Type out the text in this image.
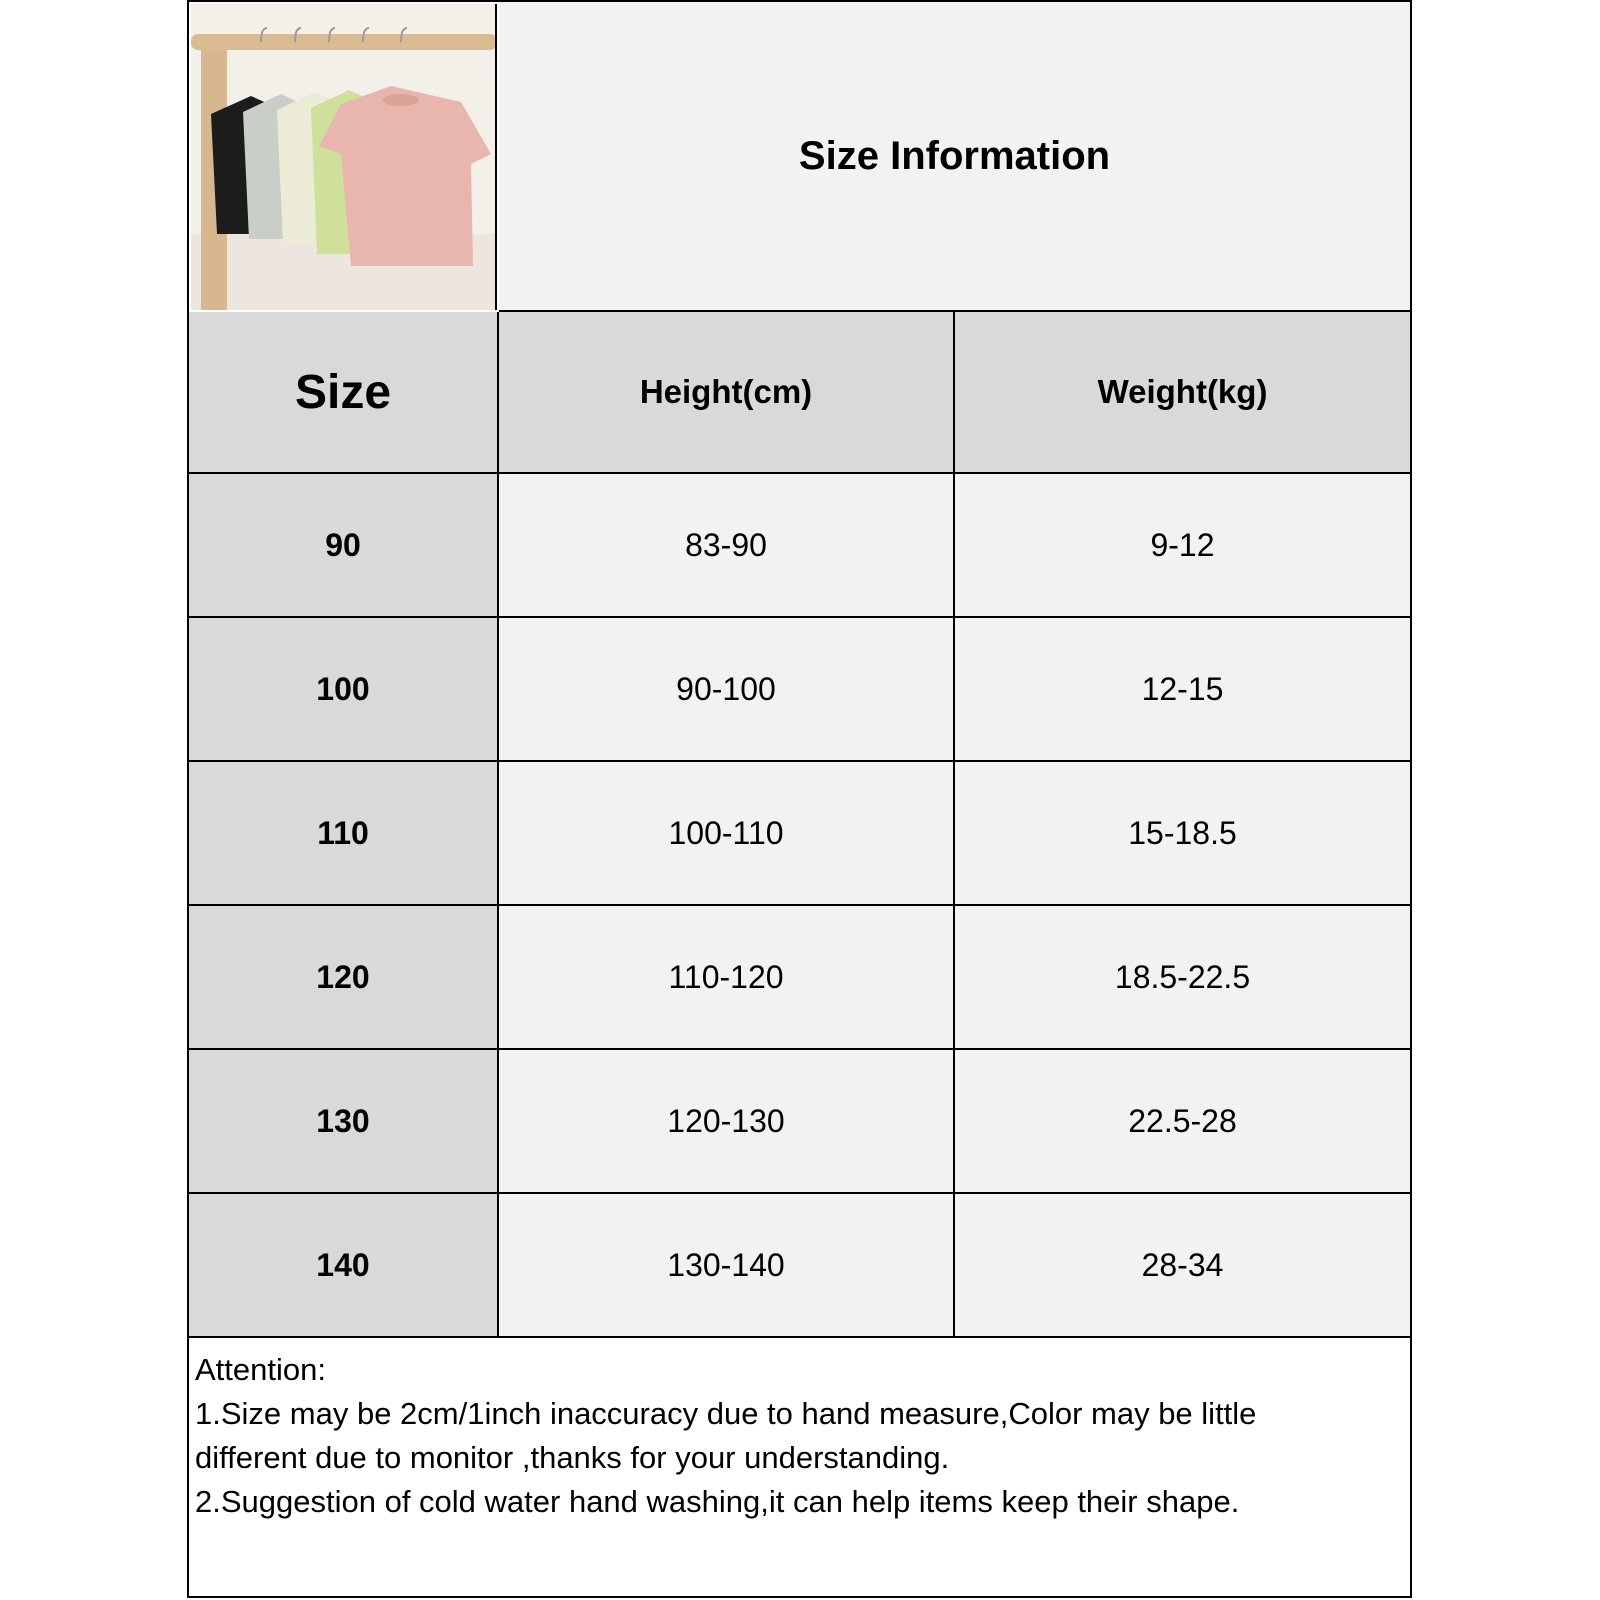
Size Information
Size	Height(cm)	Weight(kg)
90	83-90	9-12
100	90-100	12-15
110	100-110	15-18.5
120	110-120	18.5-22.5
130	120-130	22.5-28
140	130-140	28-34
Attention:
1.Size may be 2cm/1inch inaccuracy due to hand measure,Color may be little
different due to monitor ,thanks for your understanding.
2.Suggestion of cold water hand washing,it can help items keep their shape.
